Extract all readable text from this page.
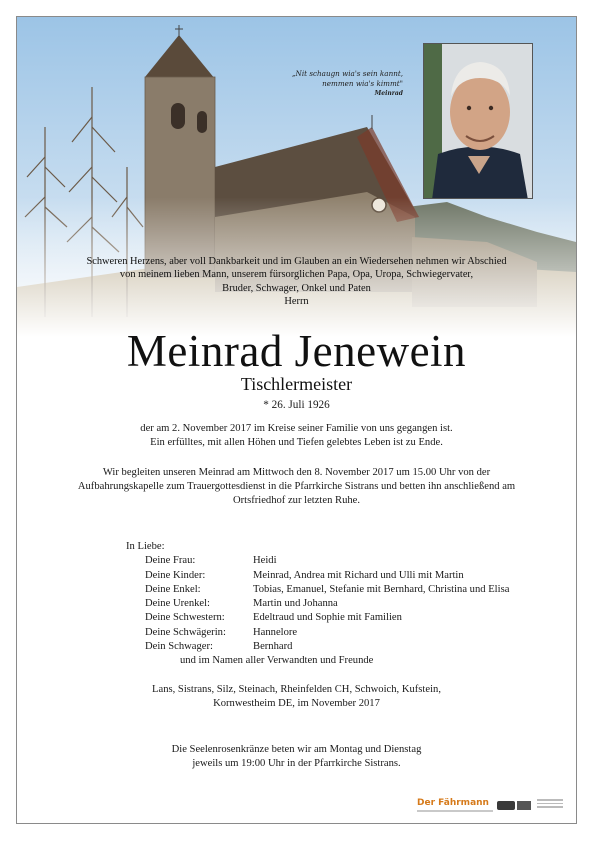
„Nit schaugn wia's sein kannt,
nemmen wia's kimmt"
Meinrad
Schweren Herzens, aber voll Dankbarkeit und im Glauben an ein Wiedersehen nehmen wir Abschied
von meinem lieben Mann, unserem fürsorglichen Papa, Opa, Uropa, Schwiegervater,
Bruder, Schwager, Onkel und Paten
Herrn
Meinrad Jenewein
Tischlermeister
* 26. Juli 1926
der am 2. November 2017 im Kreise seiner Familie von uns gegangen ist.
Ein erfülltes, mit allen Höhen und Tiefen gelebtes Leben ist zu Ende.
Wir begleiten unseren Meinrad am Mittwoch den 8. November 2017 um 15.00 Uhr von der
Aufbahrungskapelle zum Trauergottesdienst in die Pfarrkirche Sistrans und betten ihn anschließend am
Ortsfriedhof zur letzten Ruhe.
In Liebe:
Deine Frau:	Heidi
Deine Kinder:	Meinrad, Andrea mit Richard und Ulli mit Martin
Deine Enkel:	Tobias, Emanuel, Stefanie mit Bernhard, Christina und Elisa
Deine Urenkel:	Martin und Johanna
Deine Schwestern:	Edeltraud und Sophie mit Familien
Deine Schwägerin:	Hannelore
Dein Schwager:	Bernhard
und im Namen aller Verwandten und Freunde
Lans, Sistrans, Silz, Steinach, Rheinfelden CH, Schwoich, Kufstein,
Kornwestheim DE, im November 2017
Die Seelenrosenkränze beten wir am Montag und Dienstag
jeweils um 19:00 Uhr in der Pfarrkirche Sistrans.
Der Fährmann
